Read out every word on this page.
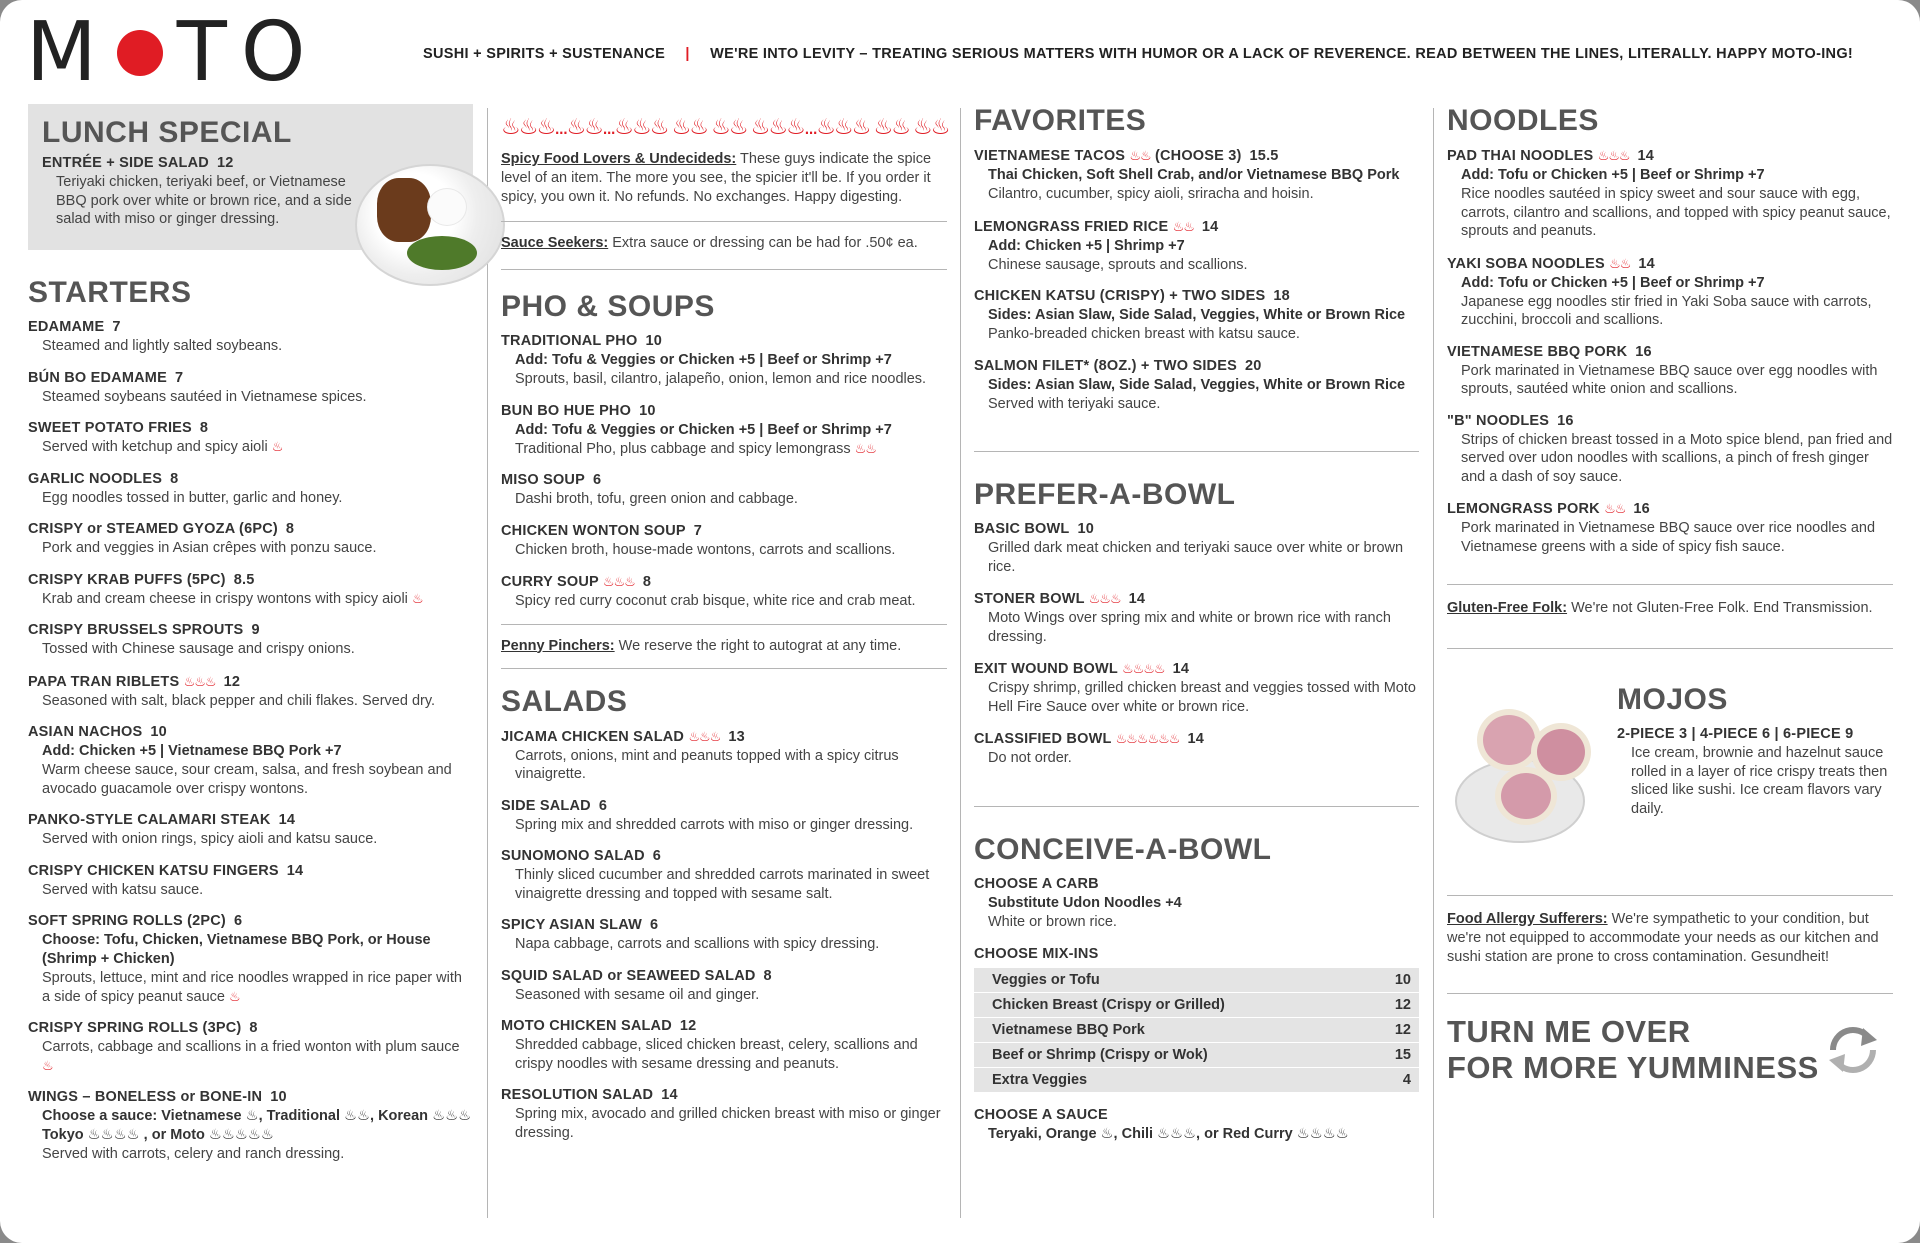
M T O	SUSHI + SPIRITS + SUSTENANCE | WE'RE INTO LEVITY – TREATING SERIOUS MATTERS WITH HUMOR OR A LACK OF REVERENCE. READ BETWEEN THE LINES, LITERALLY. HAPPY MOTO-ING!
LUNCH SPECIAL
ENTRÉE + SIDE SALAD 12
Teriyaki chicken, teriyaki beef, or Vietnamese BBQ pork over white or brown rice, and a side salad with miso or ginger dressing.
STARTERS
EDAMAME 7
Steamed and lightly salted soybeans.
BÚN BO EDAMAME 7
Steamed soybeans sautéed in Vietnamese spices.
SWEET POTATO FRIES 8
Served with ketchup and spicy aioli ♨
GARLIC NOODLES 8
Egg noodles tossed in butter, garlic and honey.
CRISPY or STEAMED GYOZA (6PC) 8
Pork and veggies in Asian crêpes with ponzu sauce.
CRISPY KRAB PUFFS (5PC) 8.5
Krab and cream cheese in crispy wontons with spicy aioli ♨
CRISPY BRUSSELS SPROUTS 9
Tossed with Chinese sausage and crispy onions.
PAPA TRAN RIBLETS ♨♨♨ 12
Seasoned with salt, black pepper and chili flakes. Served dry.
ASIAN NACHOS 10
Add: Chicken +5 | Vietnamese BBQ Pork +7
Warm cheese sauce, sour cream, salsa, and fresh soybean and avocado guacamole over crispy wontons.
PANKO-STYLE CALAMARI STEAK 14
Served with onion rings, spicy aioli and katsu sauce.
CRISPY CHICKEN KATSU FINGERS 14
Served with katsu sauce.
SOFT SPRING ROLLS (2PC) 6
Choose: Tofu, Chicken, Vietnamese BBQ Pork, or House (Shrimp + Chicken)
Sprouts, lettuce, mint and rice noodles wrapped in rice paper with a side of spicy peanut sauce ♨
CRISPY SPRING ROLLS (3PC) 8
Carrots, cabbage and scallions in a fried wonton with plum sauce ♨
WINGS – BONELESS or BONE-IN 10
Choose a sauce: Vietnamese ♨, Traditional ♨♨, Korean ♨♨♨ Tokyo ♨♨♨♨ , or Moto ♨♨♨♨♨
Served with carrots, celery and ranch dressing.
♨♨♨...♨♨...♨♨♨ ♨♨ ♨♨ ♨♨♨...♨♨♨ ♨♨ ♨♨
Spicy Food Lovers & Undecideds: These guys indicate the spice level of an item. The more you see, the spicier it'll be. If you order it spicy, you own it. No refunds. No exchanges. Happy digesting.
Sauce Seekers: Extra sauce or dressing can be had for .50¢ ea.
PHO & SOUPS
TRADITIONAL PHO 10
Add: Tofu & Veggies or Chicken +5 | Beef or Shrimp +7
Sprouts, basil, cilantro, jalapeño, onion, lemon and rice noodles.
BUN BO HUE PHO 10
Add: Tofu & Veggies or Chicken +5 | Beef or Shrimp +7
Traditional Pho, plus cabbage and spicy lemongrass ♨♨
MISO SOUP 6
Dashi broth, tofu, green onion and cabbage.
CHICKEN WONTON SOUP 7
Chicken broth, house-made wontons, carrots and scallions.
CURRY SOUP ♨♨♨ 8
Spicy red curry coconut crab bisque, white rice and crab meat.
Penny Pinchers: We reserve the right to autograt at any time.
SALADS
JICAMA CHICKEN SALAD ♨♨♨ 13
Carrots, onions, mint and peanuts topped with a spicy citrus vinaigrette.
SIDE SALAD 6
Spring mix and shredded carrots with miso or ginger dressing.
SUNOMONO SALAD 6
Thinly sliced cucumber and shredded carrots marinated in sweet vinaigrette dressing and topped with sesame salt.
SPICY ASIAN SLAW 6
Napa cabbage, carrots and scallions with spicy dressing.
SQUID SALAD or SEAWEED SALAD 8
Seasoned with sesame oil and ginger.
MOTO CHICKEN SALAD 12
Shredded cabbage, sliced chicken breast, celery, scallions and crispy noodles with sesame dressing and peanuts.
RESOLUTION SALAD 14
Spring mix, avocado and grilled chicken breast with miso or ginger dressing.
FAVORITES
VIETNAMESE TACOS ♨♨ (CHOOSE 3) 15.5
Thai Chicken, Soft Shell Crab, and/or Vietnamese BBQ Pork
Cilantro, cucumber, spicy aioli, sriracha and hoisin.
LEMONGRASS FRIED RICE ♨♨ 14
Add: Chicken +5 | Shrimp +7
Chinese sausage, sprouts and scallions.
CHICKEN KATSU (CRISPY) + TWO SIDES 18
Sides: Asian Slaw, Side Salad, Veggies, White or Brown Rice
Panko-breaded chicken breast with katsu sauce.
SALMON FILET* (8OZ.) + TWO SIDES 20
Sides: Asian Slaw, Side Salad, Veggies, White or Brown Rice
Served with teriyaki sauce.
PREFER-A-BOWL
BASIC BOWL 10
Grilled dark meat chicken and teriyaki sauce over white or brown rice.
STONER BOWL ♨♨♨ 14
Moto Wings over spring mix and white or brown rice with ranch dressing.
EXIT WOUND BOWL ♨♨♨♨ 14
Crispy shrimp, grilled chicken breast and veggies tossed with Moto Hell Fire Sauce over white or brown rice.
CLASSIFIED BOWL ♨♨♨♨♨♨ 14
Do not order.
CONCEIVE-A-BOWL
CHOOSE A CARB
Substitute Udon Noodles +4
White or brown rice.
CHOOSE MIX-INS
Veggies or Tofu	10
Chicken Breast (Crispy or Grilled)	12
Vietnamese BBQ Pork	12
Beef or Shrimp (Crispy or Wok)	15
Extra Veggies	4
CHOOSE A SAUCE
Teryaki, Orange ♨, Chili ♨♨♨, or Red Curry ♨♨♨♨
NOODLES
PAD THAI NOODLES ♨♨♨ 14
Add: Tofu or Chicken +5 | Beef or Shrimp +7
Rice noodles sautéed in spicy sweet and sour sauce with egg, carrots, cilantro and scallions, and topped with spicy peanut sauce, sprouts and peanuts.
YAKI SOBA NOODLES ♨♨ 14
Add: Tofu or Chicken +5 | Beef or Shrimp +7
Japanese egg noodles stir fried in Yaki Soba sauce with carrots, zucchini, broccoli and scallions.
VIETNAMESE BBQ PORK 16
Pork marinated in Vietnamese BBQ sauce over egg noodles with sprouts, sautéed white onion and scallions.
"B" NOODLES 16
Strips of chicken breast tossed in a Moto spice blend, pan fried and served over udon noodles with scallions, a pinch of fresh ginger and a dash of soy sauce.
LEMONGRASS PORK ♨♨ 16
Pork marinated in Vietnamese BBQ sauce over rice noodles and Vietnamese greens with a side of spicy fish sauce.
Gluten-Free Folk: We're not Gluten-Free Folk. End Transmission.
MOJOS
2-PIECE 3 | 4-PIECE 6 | 6-PIECE 9
Ice cream, brownie and hazelnut sauce rolled in a layer of rice crispy treats then sliced like sushi. Ice cream flavors vary daily.
Food Allergy Sufferers: We're sympathetic to your condition, but we're not equipped to accommodate your needs as our kitchen and sushi station are prone to cross contamination. Gesundheit!
TURN ME OVER
FOR MORE YUMMINESS
